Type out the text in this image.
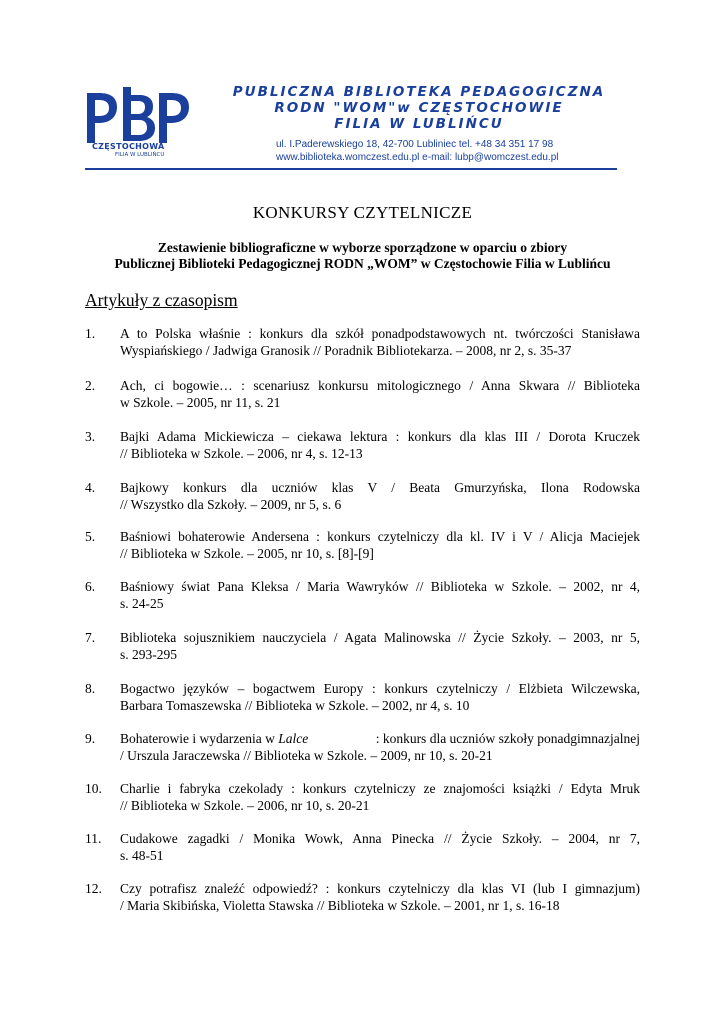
CZĘSTOCHOWA
FILIA W LUBLIŃCU
PUBLICZNA BIBLIOTEKA PEDAGOGICZNA
RODN "WOM"w CZĘSTOCHOWIE
FILIA W LUBLIŃCU
ul. I.Paderewskiego 18, 42-700 Lubliniec tel. +48 34 351 17 98
www.biblioteka.womczest.edu.pl e-mail: lubp@womczest.edu.pl
KONKURSY CZYTELNICZE
Zestawienie bibliograficzne w wyborze sporządzone w oparciu o zbiory
Publicznej Biblioteki Pedagogicznej RODN „WOM” w Częstochowie Filia w Lublińcu
Artykuły z czasopism
1.	A to Polska właśnie : konkurs dla szkół ponadpodstawowych nt. twórczości Stanisława
Wyspiańskiego / Jadwiga Granosik // Poradnik Bibliotekarza. – 2008, nr 2, s. 35-37
2.	Ach, ci bogowie… : scenariusz konkursu mitologicznego / Anna Skwara // Biblioteka
w Szkole. – 2005, nr 11, s. 21
3.	Bajki Adama Mickiewicza – ciekawa lektura : konkurs dla klas III / Dorota Kruczek
// Biblioteka w Szkole. – 2006, nr 4, s. 12-13
4.	Bajkowy konkurs dla uczniów klas V / Beata Gmurzyńska, Ilona Rodowska
// Wszystko dla Szkoły. – 2009, nr 5, s. 6
5.	Baśniowi bohaterowie Andersena : konkurs czytelniczy dla kl. IV i V / Alicja Maciejek
// Biblioteka w Szkole. – 2005, nr 10, s. [8]-[9]
6.	Baśniowy świat Pana Kleksa / Maria Wawryków // Biblioteka w Szkole. – 2002, nr 4,
s. 24-25
7.	Biblioteka sojusznikiem nauczyciela / Agata Malinowska // Życie Szkoły. – 2003, nr 5,
s. 293-295
8.	Bogactwo języków – bogactwem Europy : konkurs czytelniczy / Elżbieta Wilczewska,
Barbara Tomaszewska // Biblioteka w Szkole. – 2002, nr 4, s. 10
9.	Bohaterowie i wydarzenia w Lalce	: konkurs dla uczniów szkoły ponadgimnazjalnej
/ Urszula Jaraczewska // Biblioteka w Szkole. – 2009, nr 10, s. 20-21
10.	Charlie i fabryka czekolady : konkurs czytelniczy ze znajomości książki / Edyta Mruk
// Biblioteka w Szkole. – 2006, nr 10, s. 20-21
11.	Cudakowe zagadki / Monika Wowk, Anna Pinecka // Życie Szkoły. – 2004, nr 7,
s. 48-51
12.	Czy potrafisz znaleźć odpowiedź? : konkurs czytelniczy dla klas VI (lub I gimnazjum)
/ Maria Skibińska, Violetta Stawska // Biblioteka w Szkole. – 2001, nr 1, s. 16-18
